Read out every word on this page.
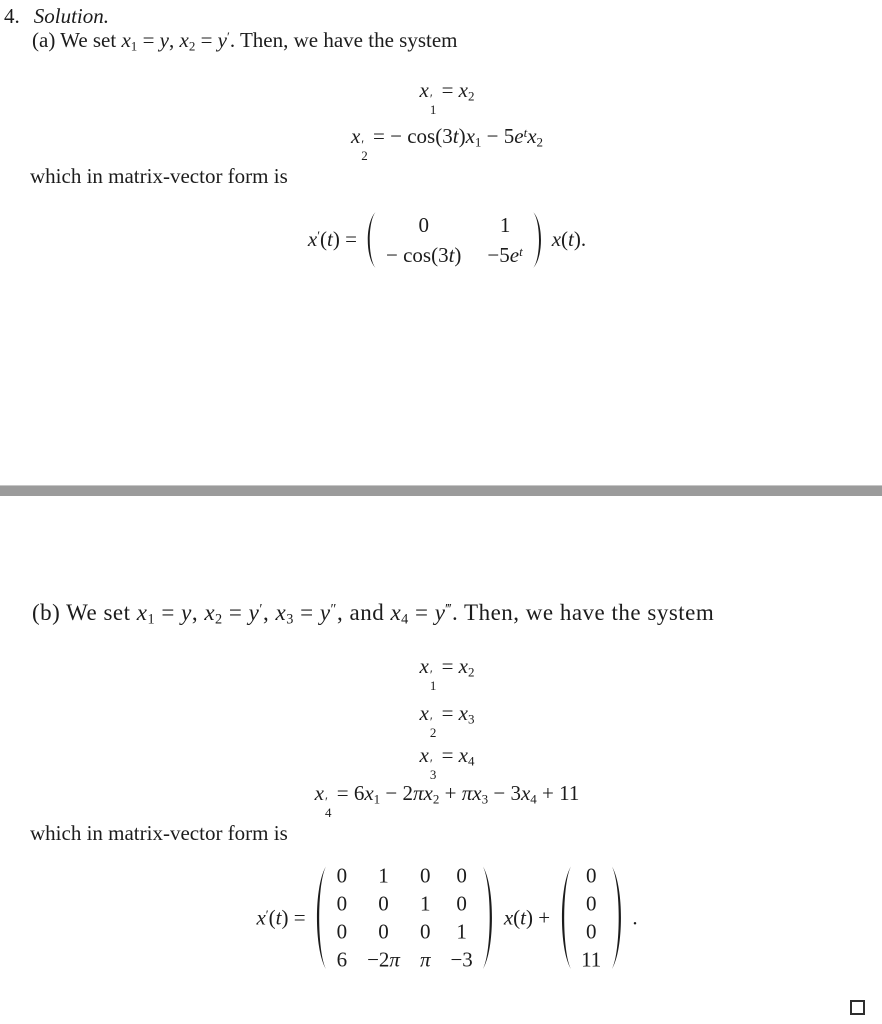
4. Solution.
(a) We set $x_1 = y$, $x_2 = y'$. Then, we have the system
x ′
1
= $x_2$
x ′
2
= − $\cos(3t)x_1 - 5e^tx_2$
which in matrix-vector form is
x′(t) =
0	1
− $\cos(3t) -5e^t$
x(t).
(b) We set $x_1 = y$, $x_2 = y'$, $x_3 = y''$, and $x_4 = y^‴$. Then, we have the system
x ′
1
= $x_2$
x ′
2
= $x_3$
x ′
3
= $x_4$
x ′
4
= $6x_1 - 2\pi x_2 + \pi x_3 - 3x_4 + 11$
which in matrix-vector form is
x′(t) =
0 1 0 0
0 0 1 0
0 0 0 1
6 −2π π −3
x(t) +
0
0
0
11
.
